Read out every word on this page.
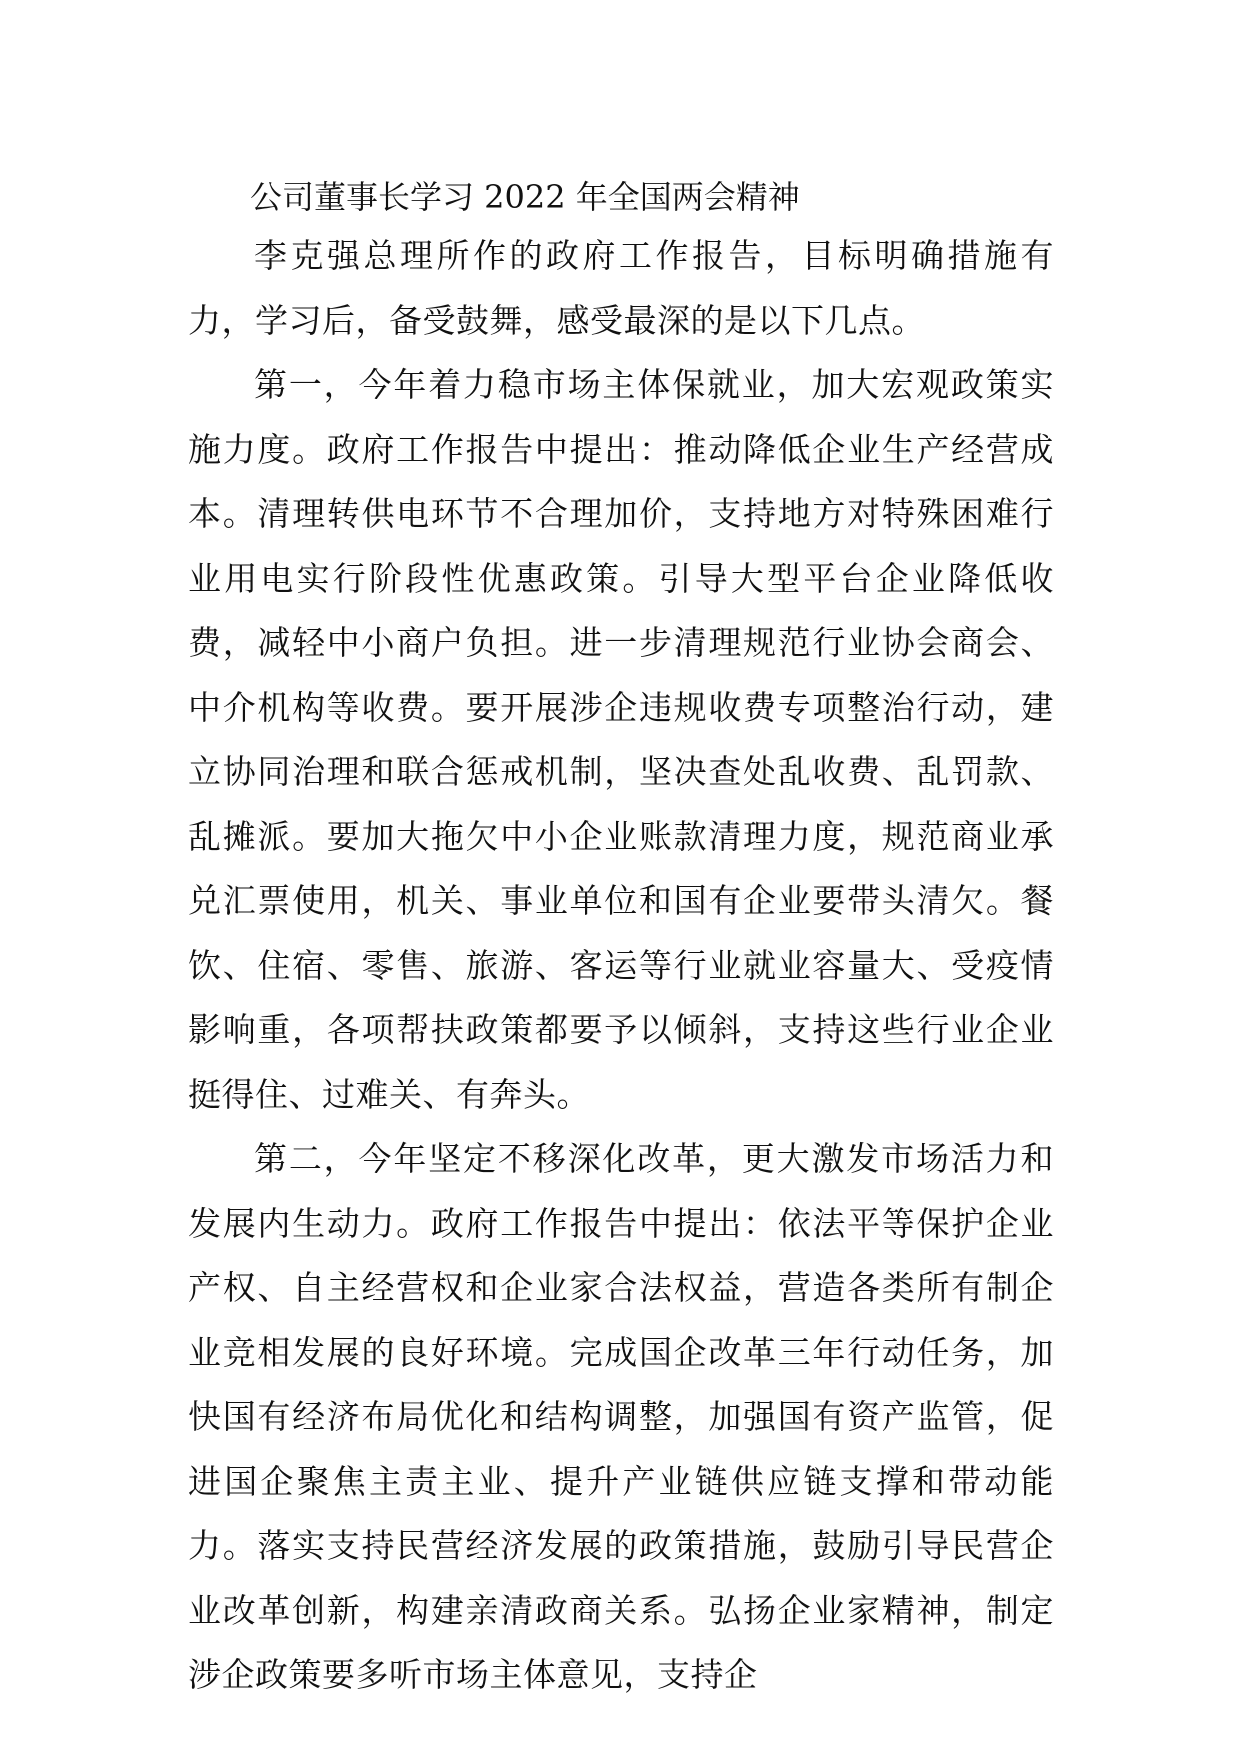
公司董事长学习 2022 年全国两会精神

李克强总理所作的政府工作报告，目标明确措施有力，学习后，备受鼓舞，感受最深的是以下几点。

第一，今年着力稳市场主体保就业，加大宏观政策实施力度。政府工作报告中提出：推动降低企业生产经营成本。清理转供电环节不合理加价，支持地方对特殊困难行业用电实行阶段性优惠政策。引导大型平台企业降低收费，减轻中小商户负担。进一步清理规范行业协会商会、中介机构等收费。要开展涉企违规收费专项整治行动，建立协同治理和联合惩戒机制，坚决查处乱收费、乱罚款、乱摊派。要加大拖欠中小企业账款清理力度，规范商业承兑汇票使用，机关、事业单位和国有企业要带头清欠。餐饮、住宿、零售、旅游、客运等行业就业容量大、受疫情影响重，各项帮扶政策都要予以倾斜，支持这些行业企业挺得住、过难关、有奔头。

第二，今年坚定不移深化改革，更大激发市场活力和发展内生动力。政府工作报告中提出：依法平等保护企业产权、自主经营权和企业家合法权益，营造各类所有制企业竞相发展的良好环境。完成国企改革三年行动任务，加快国有经济布局优化和结构调整，加强国有资产监管，促进国企聚焦主责主业、提升产业链供应链支撑和带动能力。落实支持民营经济发展的政策措施，鼓励引导民营企业改革创新，构建亲清政商关系。弘扬企业家精神，制定涉企政策要多听市场主体意见，支持企
